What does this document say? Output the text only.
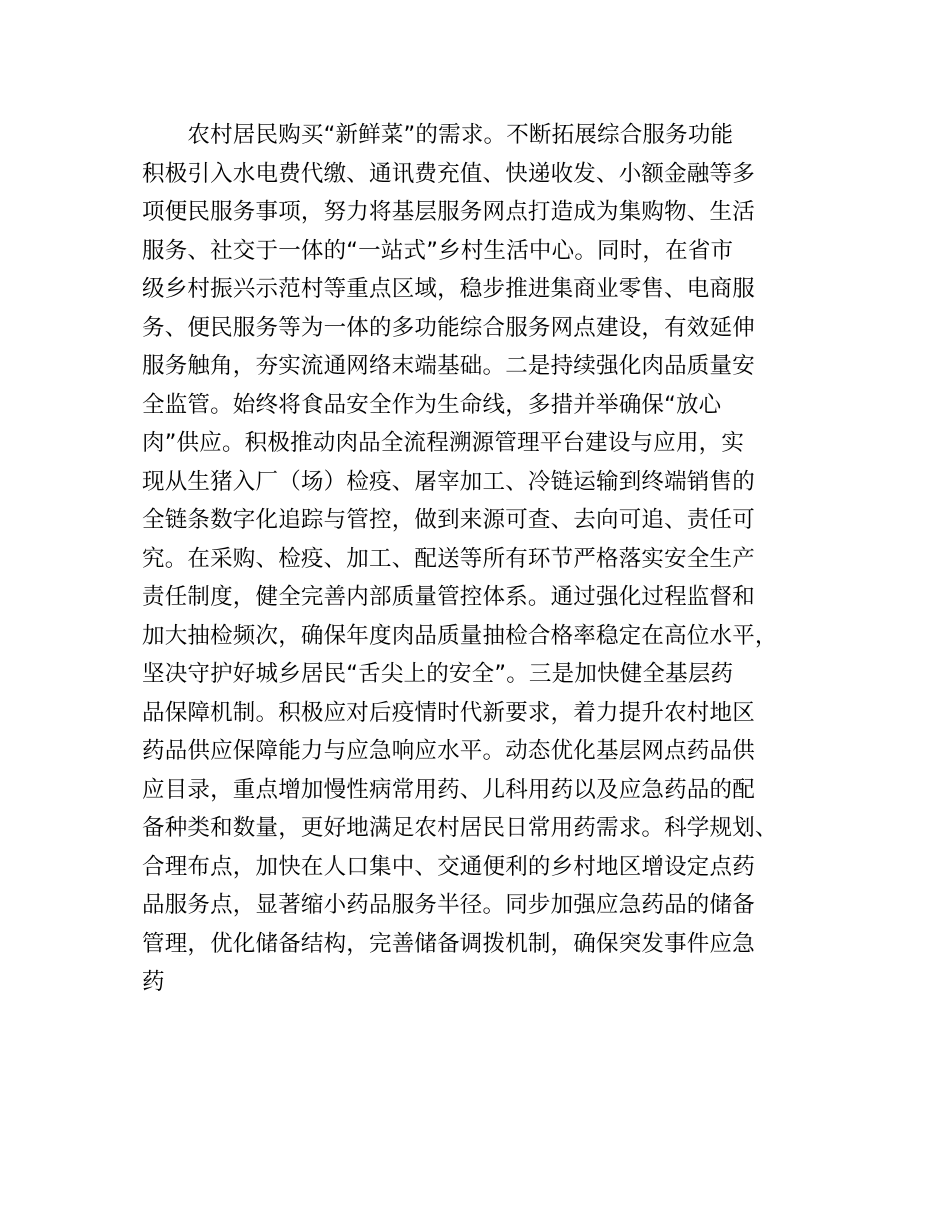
　　农村居民购买“新鲜菜”的需求。不断拓展综合服务功能
积极引入水电费代缴、通讯费充值、快递收发、小额金融等多
项便民服务事项，努力将基层服务网点打造成为集购物、生活
服务、社交于一体的“一站式”乡村生活中心。同时，在省市
级乡村振兴示范村等重点区域，稳步推进集商业零售、电商服
务、便民服务等为一体的多功能综合服务网点建设，有效延伸
服务触角，夯实流通网络末端基础。二是持续强化肉品质量安
全监管。始终将食品安全作为生命线，多措并举确保“放心
肉”供应。积极推动肉品全流程溯源管理平台建设与应用，实
现从生猪入厂（场）检疫、屠宰加工、冷链运输到终端销售的
全链条数字化追踪与管控，做到来源可查、去向可追、责任可
究。在采购、检疫、加工、配送等所有环节严格落实安全生产
责任制度，健全完善内部质量管控体系。通过强化过程监督和
加大抽检频次，确保年度肉品质量抽检合格率稳定在高位水平，
坚决守护好城乡居民“舌尖上的安全”。三是加快健全基层药
品保障机制。积极应对后疫情时代新要求，着力提升农村地区
药品供应保障能力与应急响应水平。动态优化基层网点药品供
应目录，重点增加慢性病常用药、儿科用药以及应急药品的配
备种类和数量，更好地满足农村居民日常用药需求。科学规划、
合理布点，加快在人口集中、交通便利的乡村地区增设定点药
品服务点，显著缩小药品服务半径。同步加强应急药品的储备
管理，优化储备结构，完善储备调拨机制，确保突发事件应急
药
